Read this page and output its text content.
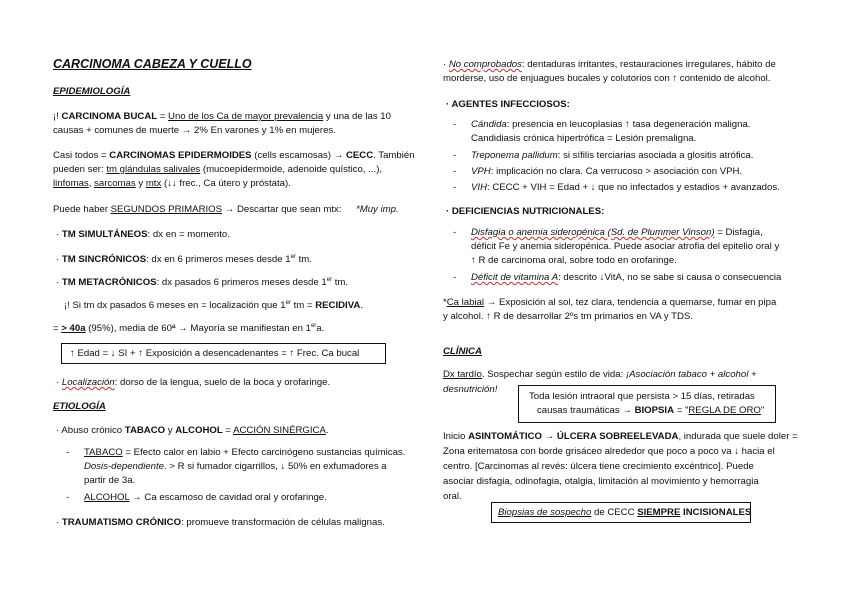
CARCINOMA CABEZA Y CUELLO
EPIDEMIOLOGÍA
¡! CARCINOMA BUCAL = Uno de los Ca de mayor prevalencia y una de las 10
causas + comunes de muerte → 2% En varones y 1% en mujeres.
Casi todos = CARCINOMAS EPIDERMOIDES (cells escamosas) → CECC. También
pueden ser: tm glándulas salivales (mucoepidermoide, adenoide quístico, ...),
linfomas, sarcomas y mtx (↓↓ frec., Ca útero y próstata).
Puede haber SEGUNDOS PRIMARIOS → Descartar que sean mtx: *Muy imp.
· TM SIMULTÁNEOS: dx en = momento.
· TM SINCRÓNICOS: dx en 6 primeros meses desde 1er tm.
· TM METACRÓNICOS: dx pasados 6 primeros meses desde 1er tm.
¡! Si tm dx pasados 6 meses en = localización que 1er tm = RECIDIVA.
= > 40a (95%), media de 60ª → Mayoría se manifiestan en 1era.
↑ Edad = ↓ SI + ↑ Exposición a desencadenantes = ↑ Frec. Ca bucal
· Localización: dorso de la lengua, suelo de la boca y orofaringe.
ETIOLOGÍA
· Abuso crónico TABACO y ALCOHOL = ACCIÓN SINÉRGICA.
- TABACO = Efecto calor en labio + Efecto carcinógeno sustancias químicas.
Dosis-dependiente. > R si fumador cigarrillos, ↓ 50% en exfumadores a
partir de 3a.
- ALCOHOL → Ca escamoso de cavidad oral y orofaringe.
· TRAUMATISMO CRÓNICO: promueve transformación de células malignas.
· No comprobados: dentaduras irritantes, restauraciones irregulares, hábito de
morderse, uso de enjuagues bucales y colutorios con ↑ contenido de alcohol.
· AGENTES INFECCIOSOS:
- Cándida: presencia en leucoplasias ↑ tasa degeneración maligna.
Candidiasis crónica hipertrófica = Lesión premaligna.
- Treponema pallidum: si sífilis terciarias asociada a glositis atrófica.
- VPH: implicación no clara. Ca verrucoso > asociación con VPH.
- VIH: CECC + VIH = Edad + ↓ que no infectados y estadios + avanzados.
· DEFICIENCIAS NUTRICIONALES:
- Disfagia o anemia sideropénica (Sd. de Plummer Vinson) = Disfagia,
déficit Fe y anemia sideropénica. Puede asociar atrofia del epitelio oral y
↑ R de carcinoma oral, sobre todo en orofaringe.
- Déficit de vitamina A: descrito ↓VitA, no se sabe si causa o consecuencia
*Ca labial → Exposición al sol, tez clara, tendencia a quemarse, fumar en pipa
y alcohol. ↑ R de desarrollar 2ºs tm primarios en VA y TDS.
CLÍNICA
Dx tardío. Sospechar según estilo de vida: ¡Asociación tabaco + alcohol +
desnutrición!
Toda lesión intraoral que persista > 15 días, retiradas
causas traumáticas → BIOPSIA = "REGLA DE ORO"
Inicio ASINTOMÁTICO → ÚLCERA SOBREELEVADA, indurada que suele doler =
Zona eritematosa con borde grisáceo alrededor que poco a poco va ↓ hacia el
centro. [Carcinomas al revés: úlcera tiene crecimiento excéntrico]. Puede
asociar disfagia, odinofagia, otalgia, limitación al movimiento y hemorragia
oral.
Biopsias de sospecho de CECC SIEMPRE INCISIONALES
